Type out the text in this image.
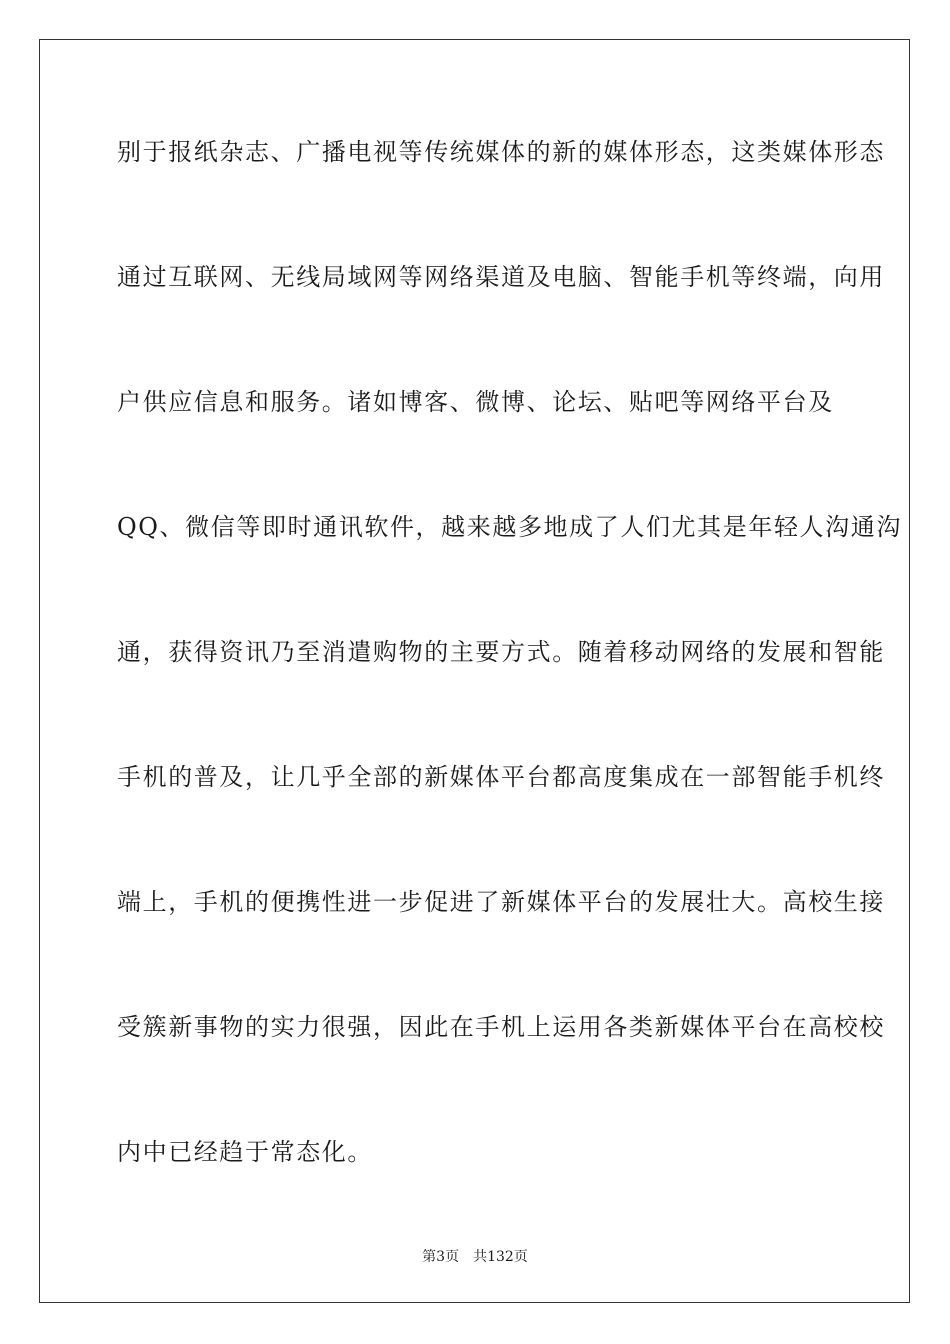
别于报纸杂志、广播电视等传统媒体的新的媒体形态，这类媒体形态
通过互联网、无线局域网等网络渠道及电脑、智能手机等终端，向用
户供应信息和服务。诸如博客、微博、论坛、贴吧等网络平台及
QQ、微信等即时通讯软件，越来越多地成了人们尤其是年轻人沟通沟
通，获得资讯乃至消遣购物的主要方式。随着移动网络的发展和智能
手机的普及，让几乎全部的新媒体平台都高度集成在一部智能手机终
端上，手机的便携性进一步促进了新媒体平台的发展壮大。高校生接
受簇新事物的实力很强，因此在手机上运用各类新媒体平台在高校校
内中已经趋于常态化。
第3页 共132页
